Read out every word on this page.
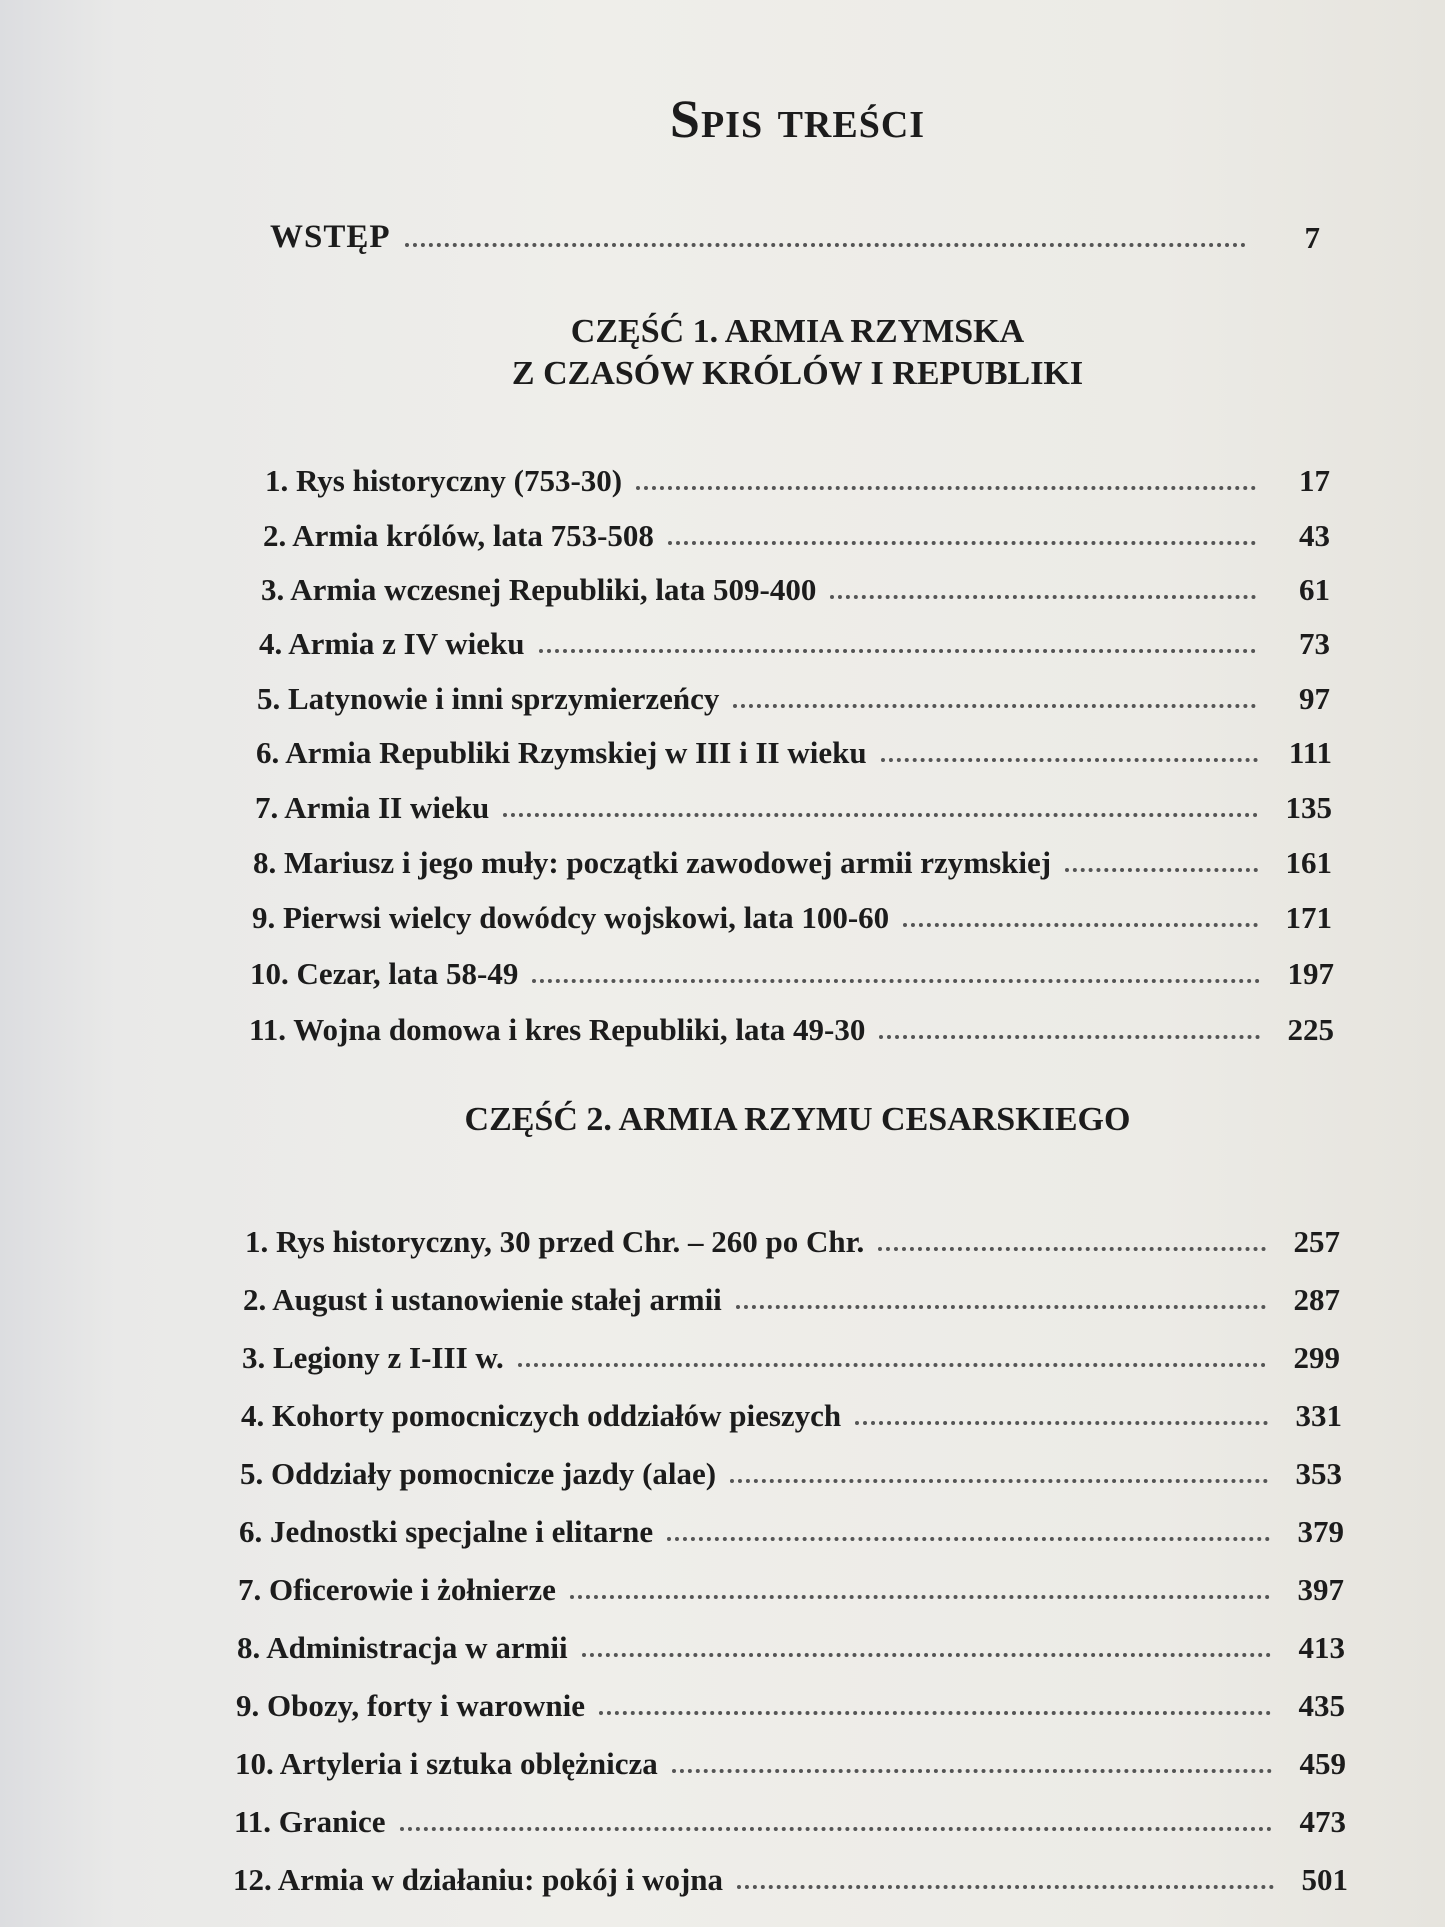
Spis treści
WSTĘP	7
CZĘŚĆ 1. ARMIA RZYMSKA
Z CZASÓW KRÓLÓW I REPUBLIKI
1. Rys historyczny (753-30)	17
2. Armia królów, lata 753-508	43
3. Armia wczesnej Republiki, lata 509-400	61
4. Armia z IV wieku	73
5. Latynowie i inni sprzymierzeńcy	97
6. Armia Republiki Rzymskiej w III i II wieku	111
7. Armia II wieku	135
8. Mariusz i jego muły: początki zawodowej armii rzymskiej	161
9. Pierwsi wielcy dowódcy wojskowi, lata 100-60	171
10. Cezar, lata 58-49	197
11. Wojna domowa i kres Republiki, lata 49-30	225
CZĘŚĆ 2. ARMIA RZYMU CESARSKIEGO
1. Rys historyczny, 30 przed Chr. – 260 po Chr.	257
2. August i ustanowienie stałej armii	287
3. Legiony z I-III w.	299
4. Kohorty pomocniczych oddziałów pieszych	331
5. Oddziały pomocnicze jazdy (alae)	353
6. Jednostki specjalne i elitarne	379
7. Oficerowie i żołnierze	397
8. Administracja w armii	413
9. Obozy, forty i warownie	435
10. Artyleria i sztuka oblężnicza	459
11. Granice	473
12. Armia w działaniu: pokój i wojna	501
